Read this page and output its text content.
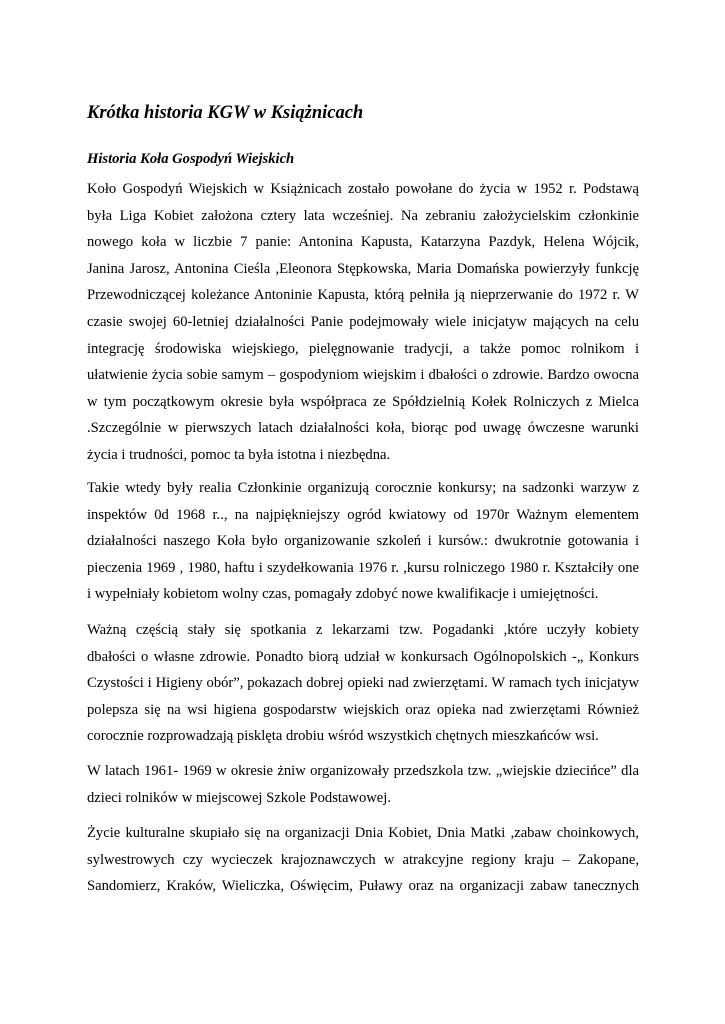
Krótka historia KGW w Książnicach
Historia Koła Gospodyń Wiejskich
Koło Gospodyń Wiejskich w Książnicach zostało powołane do życia w 1952 r. Podstawą
była Liga Kobiet założona cztery lata wcześniej. Na zebraniu założycielskim członkinie
nowego koła w liczbie 7 panie: Antonina Kapusta, Katarzyna Pazdyk, Helena Wójcik,
Janina Jarosz, Antonina Cieśla ,Eleonora Stępkowska, Maria Domańska powierzyły funkcję
Przewodniczącej koleżance Antoninie Kapusta, którą pełniła ją nieprzerwanie do 1972 r. W
czasie swojej 60-letniej działalności Panie podejmowały wiele inicjatyw mających na celu
integrację środowiska wiejskiego, pielęgnowanie tradycji, a także pomoc rolnikom i
ułatwienie życia sobie samym – gospodyniom wiejskim i dbałości o zdrowie. Bardzo owocna
w tym początkowym okresie była współpraca ze Spółdzielnią Kołek Rolniczych z Mielca
.Szczególnie w pierwszych latach działalności koła, biorąc pod uwagę ówczesne warunki
życia i trudności, pomoc ta była istotna i niezbędna.
Takie wtedy były realia Członkinie organizują corocznie konkursy; na sadzonki warzyw z
inspektów 0d 1968 r.., na najpiękniejszy ogród kwiatowy od 1970r Ważnym elementem
działalności naszego Koła było organizowanie szkoleń i kursów.: dwukrotnie gotowania i
pieczenia 1969 , 1980, haftu i szydełkowania 1976 r. ,kursu rolniczego 1980 r. Kształciły one
i wypełniały kobietom wolny czas, pomagały zdobyć nowe kwalifikacje i umiejętności.
Ważną częścią stały się spotkania z lekarzami tzw. Pogadanki ,które uczyły kobiety
dbałości o własne zdrowie. Ponadto biorą udział w konkursach Ogólnopolskich -„ Konkurs
Czystości i Higieny obór”, pokazach dobrej opieki nad zwierzętami. W ramach tych inicjatyw
polepsza się na wsi higiena gospodarstw wiejskich oraz opieka nad zwierzętami Również
corocznie rozprowadzają pisklęta drobiu wśród wszystkich chętnych mieszkańców wsi.
W latach 1961- 1969 w okresie żniw organizowały przedszkola tzw. „wiejskie dziecińce” dla
dzieci rolników w miejscowej Szkole Podstawowej.
Życie kulturalne skupiało się na organizacji Dnia Kobiet, Dnia Matki ,zabaw choinkowych,
sylwestrowych czy wycieczek krajoznawczych w atrakcyjne regiony kraju – Zakopane,
Sandomierz, Kraków, Wieliczka, Oświęcim, Puławy oraz na organizacji zabaw tanecznych
